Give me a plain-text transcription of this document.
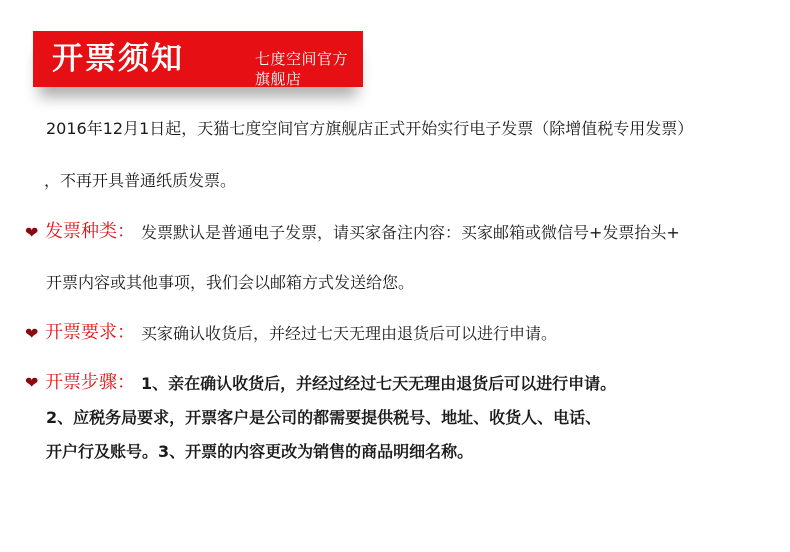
开票须知	七度空间官方旗舰店
2016年12月1日起，天猫七度空间官方旗舰店正式开始实行电子发票（除增值税专用发票）
，不再开具普通纸质发票。
❤ 发票种类： 发票默认是普通电子发票，请买家备注内容：买家邮箱或微信号+发票抬头+
开票内容或其他事项，我们会以邮箱方式发送给您。
❤ 开票要求： 买家确认收货后，并经过七天无理由退货后可以进行申请。
❤ 开票步骤： 1、亲在确认收货后，并经过经过七天无理由退货后可以进行申请。
2、应税务局要求，开票客户是公司的都需要提供税号、地址、收货人、电话、
开户行及账号。3、开票的内容更改为销售的商品明细名称。
